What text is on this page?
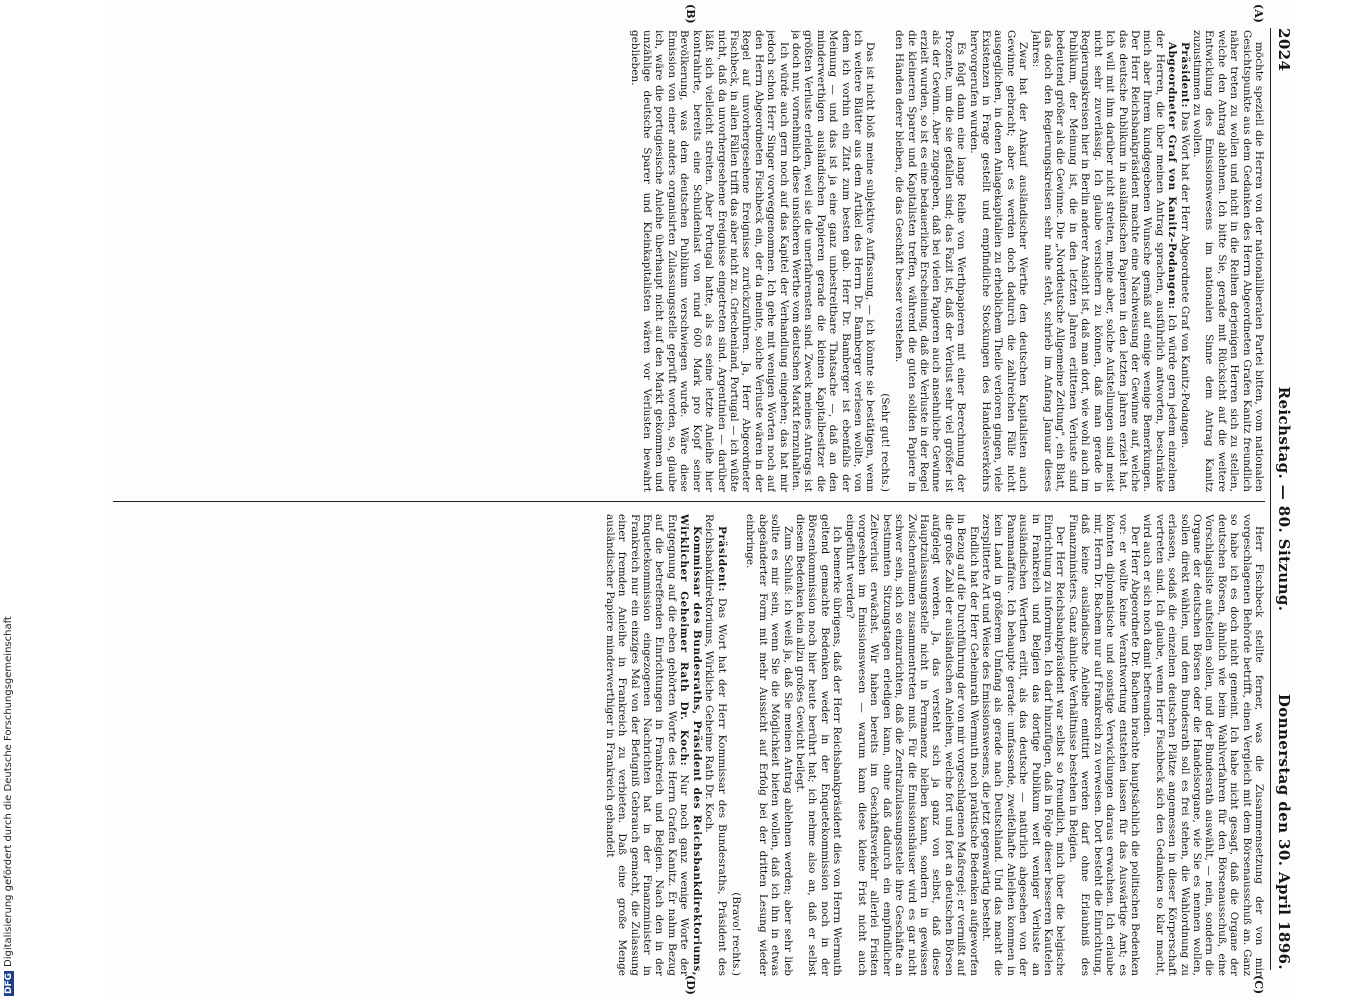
2024
Reichstag. — 80. Sitzung.
Donnerstag den 30. April 1896.
(A)
(B)
(C)
(D)

möchte speziell die Herren von der nationalliberalen Partei bitten, vom nationalen Gesichtspunkte aus dem Gedanken des Herrn Abgeordneten Grafen Kanitz freundlich näher treten zu wollen und nicht in die Reihen derjenigen Herren sich zu stellen, welche den Antrag ablehnen. Ich bitte Sie, gerade mit Rücksicht auf die weitere Entwicklung des Emissionswesens im nationalen Sinne dem Antrag Kanitz zuzustimmen zu wollen.

Präsident: Das Wort hat der Herr Abgeordnete Graf von Kanitz-Podangen.

Abgeordneter Graf von Kanitz-Podangen: Ich würde gern jedem einzelnen der Herren, die über meinen Antrag sprachen, ausführlich antworten, beschränke mich aber Ihrem kundgegebenen Wunsche gemäß auf einige wenige Bemerkungen. Der Herr Reichsbankpräsident machte eine Nachweisung der Gewinne auf, welche das deutsche Publikum in ausländischen Papieren in den letzten Jahren erzielt hat. Ich will mit ihm darüber nicht streiten, meine aber, solche Aufstellungen sind meist nicht sehr zuverlässig. Ich glaube versichern zu können, daß man gerade in Regierungskreisen hier in Berlin anderer Ansicht ist, daß man dort, wie wohl auch im Publikum, der Meinung ist, die in den letzten Jahren erlittenen Verluste sind bedeutend größer als die Gewinne. Die „Norddeutsche Allgemeine Zeitung", ein Blatt, das doch den Regierungskreisen sehr nahe steht, schrieb im Anfang Januar dieses Jahres:

Zwar hat der Ankauf ausländischer Werthe den deutschen Kapitalisten auch Gewinne gebracht; aber es werden doch dadurch die zahlreichen Fälle nicht ausgeglichen, in denen Anlagekapitalien zu erheblichem Theile verloren gingen, viele Existenzen in Frage gestellt und empfindliche Stockungen des Handelsverkehrs hervorgerufen wurden.

Es folgt dann eine lange Reihe von Werthpapieren mit einer Berechnung der Prozente, um die sie gefallen sind; das Fazit ist, daß der Verlust sehr viel größer ist als der Gewinn. Aber zugegeben, daß bei vielen Papieren auch ansehnliche Gewinne erzielt wurden, so ist es eine bedauerliche Erscheinung, daß die Verluste in der Regel die kleineren Sparer und Kapitalisten treffen, während die guten soliden Papiere in den Händen derer bleiben, die das Geschäft besser verstehen.

(Sehr gut! rechts.)

Das ist nicht bloß meine subjektive Auffassung, — ich könnte sie bestätigen, wenn ich weitere Blätter aus dem Artikel des Herrn Dr. Bamberger verlesen wollte, von dem ich vorhin ein Zitat zum besten gab. Herr Dr. Bamberger ist ebenfalls der Meinung — und das ist ja eine ganz unbestreitbare Thatsache —, daß an den minderwerthigen ausländischen Papieren gerade die kleinen Kapitalbesitzer die größten Verluste erleiden, weil sie die unerfahrensten sind. Zweck meines Antrags ist ja doch nur, vornehmlich diese unsicheren Werthe vom deutschen Markt fernzuhalten.

Ich würde auch gern noch auf das Kapitel der Verhandlung eingehen; das hat mir jedoch schon Herr Singer vorweggenommen. Ich gehe mit wenigen Worten noch auf den Herrn Abgeordneten Fischbeck ein, der da meinte, solche Verluste wären in der Regel auf unvorhergesehene Ereignisse zurückzuführen. Ja, Herr Abgeordneter Fischbeck, in allen Fällen trifft das aber nicht zu. Griechenland, Portugal — ich wüßte nicht, daß da unvorhergesehene Ereignisse eingetreten sind. Argentinien — darüber läßt sich vielleicht streiten. Aber Portugal hatte, als es seine letzte Anleihe hier kontrahirte, bereits eine Schuldenlast von rund 600 Mark pro Kopf seiner Bevölkerung, was dem deutschen Publikum verschwiegen wurde. Wäre diese Emission von einer anders organisirten Zulassungsstelle geprüft worden, so, glaube ich, wäre die portugiesische Anleihe überhaupt nicht auf den Markt gekommen und unzählige deutsche Sparer und Kleinkapitalisten wären vor Verlusten bewahrt geblieben.

Herr Fischbeck stellte ferner, was die Zusammensetzung der von mir vorgeschlagenen Behörde betrifft, einen Vergleich mit dem Börsenausschuß an. Ganz so habe ich es doch nicht gemeint. Ich habe nicht gesagt, daß die Organe der deutschen Börsen, ähnlich wie beim Wahlverfahren für den Börsenausschuß, eine Vorschlagsliste aufstellen sollen, und der Bundesrath auswählt, — nein, sondern die Organe der deutschen Börsen oder die Handelsorgane, wie Sie es nennen wollen, sollen direkt wählen, und dem Bundesrath soll es frei stehen, die Wahlordnung zu erlassen, sodaß die einzelnen deutschen Plätze angemessen in dieser Körperschaft vertreten sind. Ich glaube, wenn Herr Fischbeck sich den Gedanken so klar macht, wird auch er sich noch damit befreunden.

Der Herr Abgeordnete Dr. Bachem brachte hauptsächlich die politischen Bedenken vor: er wollte keine Verantwortung entstehen lassen für das Auswärtige Amt; es könnten diplomatische und sonstige Verwicklungen daraus erwachsen. Ich erlaube mir, Herrn Dr. Bachem nur auf Frankreich zu verweisen. Dort besteht die Einrichtung, daß keine ausländische Anleihe emittirt werden darf ohne Erlaubniß des Finanzministers. Ganz ähnliche Verhältnisse bestehen in Belgien.

Der Herr Reichsbankpräsident war selbst so freundlich, mich über die belgische Einrichtung zu informiren. Ich darf hinzufügen, daß in Folge dieser besseren Kautelen in Frankreich und Belgien das dortige Publikum weit weniger Verluste an ausländischen Werthen erlitt, als das deutsche — natürlich abgesehen von der Panamaaffaire. Ich behaupte gerade: umfassende, zweifelhafte Anleihen kommen in kein Land in größerem Umfang als gerade nach Deutschland. Und das macht die zersplitterte Art und Weise des Emissionswesens, die jetzt gegenwärtig besteht.

Endlich hat der Herr Geheimrath Wermuth noch praktische Bedenken aufgeworfen in Bezug auf die Durchführung der von mir vorgeschlagenen Maßregel; er vermißt auf die große Zahl der ausländischen Anleihen, welche fort und fort an deutschen Börsen aufgelegt werden. Ja, das versteht sich ja ganz von selbst, daß diese Hauptzulassungsstelle nicht in Permanenz bleiben kann, sondern in gewissen Zwischenräumen zusammentreten muß. Für die Emissionshäuser wird es gar nicht schwer sein, sich so einzurichten, daß die Zentralzulassungsstelle ihre Geschäfte an bestimmten Sitzungstagen erledigen kann, ohne daß dadurch ein empfindlicher Zeitverlust erwächst. Wir haben bereits im Geschäftsverkehr allerlei Fristen vorgesehen im Emissionswesen — warum kann diese kleine Frist nicht auch eingeführt werden?

Ich bemerke übrigens, daß der Herr Reichsbankpräsident dies von Herrn Wermuth geltend gemachte Bedenken weder in der Enquetekommission noch in der Börsenkommission noch hier heute berührt hat; ich nehme also an, daß er selbst diesem Bedenken kein allzu großes Gewicht beilegt.

Zum Schluß: ich weiß ja, daß Sie meinen Antrag ablehnen werden; aber sehr lieb sollte es mir sein, wenn Sie die Möglichkeit bieten wollen, daß ich ihn in etwas abgeänderter Form mit mehr Aussicht auf Erfolg bei der dritten Lesung wieder einbringe.

(Bravo! rechts.)

Präsident: Das Wort hat der Herr Kommissar des Bundesraths, Präsident des Reichsbankdirektoriums, Wirkliche Geheime Rath Dr. Koch.

Kommissar des Bundesraths, Präsident des Reichsbankdirektoriums, Wirklicher Geheimer Rath Dr. Koch: Nur noch ganz wenige Worte der Entgegnung auf die eben gehörten Worte des Herrn Grafen Kanitz. Er nahm Bezug auf die betreffenden Einrichtungen in Frankreich und Belgien. Nach den in der Enquetekommission eingezogenen Nachrichten hat in der Finanzminister in Frankreich nur ein einziges Mal von der Befugniß Gebrauch gemacht, die Zulassung einer fremden Anleihe in Frankreich zu verbieten. Daß eine große Menge ausländischer Papiere minderwerthiger in Frankreich gehandelt

DFGDigitalisierung gefördert durch die Deutsche Forschungsgemeinschaft
